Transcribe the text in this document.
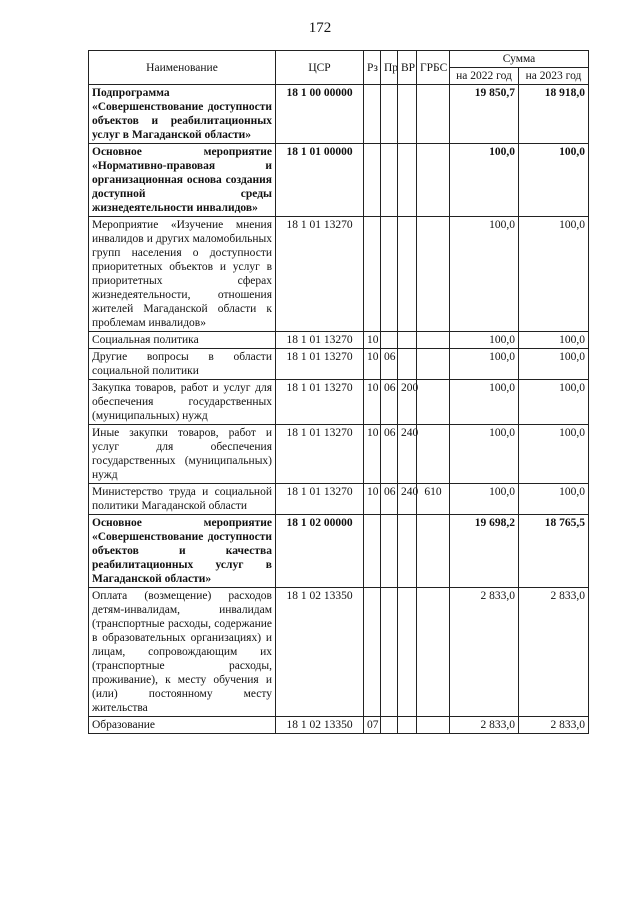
172
Наименование	ЦСР	Рз	Пр	ВР	ГРБС	Сумма	
						на 2022 год	на 2023 год
Подпрограмма «Совершенствование доступности объектов и реабилитационных услуг в Магаданской области»	18 1 00 00000					19 850,7	18 918,0
Основное мероприятие «Нормативно-правовая и организационная основа создания доступной среды жизнедеятельности инвалидов»	18 1 01 00000					100,0	100,0
Мероприятие «Изучение мнения инвалидов и других маломобильных групп населения о доступности приоритетных объектов и услуг в приоритетных сферах жизнедеятельности, отношения жителей Магаданской области к проблемам инвалидов»	18 1 01 13270					100,0	100,0
Социальная политика	18 1 01 13270	10				100,0	100,0
Другие вопросы в области социальной политики	18 1 01 13270	10	06			100,0	100,0
Закупка товаров, работ и услуг для обеспечения государственных (муниципальных) нужд	18 1 01 13270	10	06	200		100,0	100,0
Иные закупки товаров, работ и услуг для обеспечения государственных (муниципальных) нужд	18 1 01 13270	10	06	240		100,0	100,0
Министерство труда и социальной политики Магаданской области	18 1 01 13270	10	06	240	610	100,0	100,0
Основное мероприятие «Совершенствование доступности объектов и качества реабилитационных услуг в Магаданской области»	18 1 02 00000					19 698,2	18 765,5
Оплата (возмещение) расходов детям-инвалидам, инвалидам (транспортные расходы, содержание в образовательных организациях) и лицам, сопровождающим их (транспортные расходы, проживание), к месту обучения и (или) постоянному месту жительства	18 1 02 13350					2 833,0	2 833,0
Образование	18 1 02 13350	07				2 833,0	2 833,0
